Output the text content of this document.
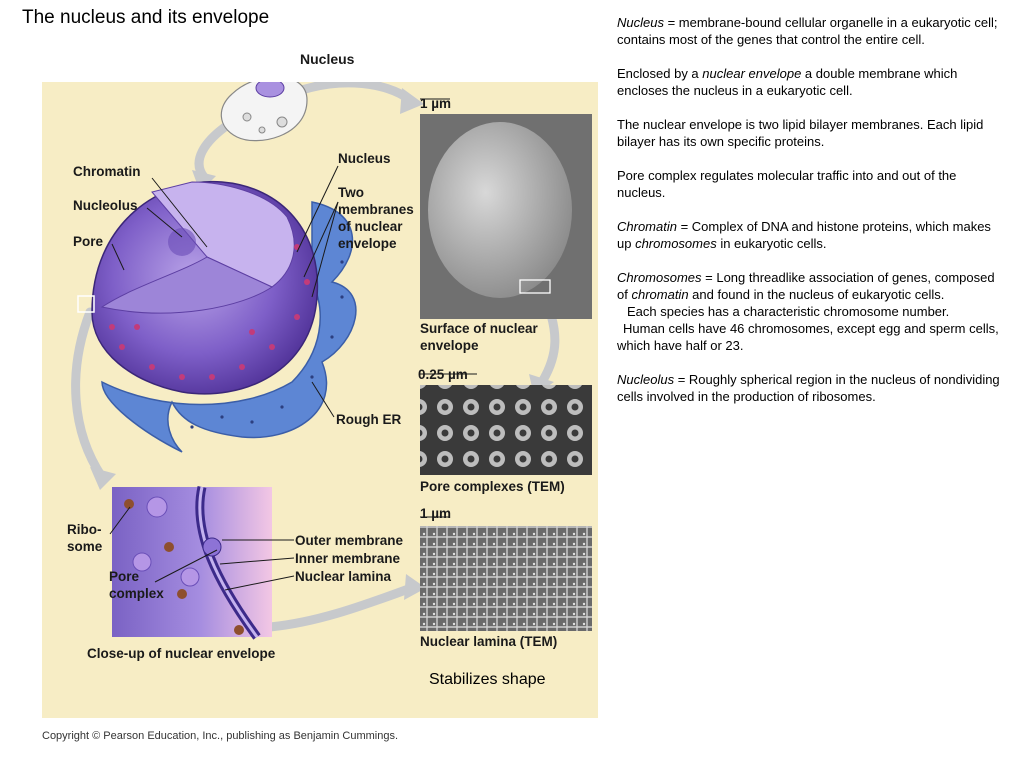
The nucleus and its envelope
Nucleus
1 µm
Chromatin
Nucleolus
Pore
Nucleus
Two
membranes
of nuclear
envelope
Surface of nuclear
envelope
0.25 µm
Rough ER
Pore complexes (TEM)
1 µm
Ribo-
some
Pore
complex
Outer membrane
Inner membrane
Nuclear lamina
Nuclear lamina (TEM)
Close-up of nuclear envelope
Stabilizes shape
Copyright © Pearson Education, Inc., publishing as Benjamin Cummings.

Nucleus = membrane-bound cellular organelle in a eukaryotic cell; contains most of the genes that control the entire cell.

Enclosed by a nuclear envelope a double membrane which encloses the nucleus in a eukaryotic cell.

The nuclear envelope is two lipid bilayer membranes. Each lipid bilayer has its own specific proteins.

Pore complex regulates molecular traffic into and out of the nucleus.

Chromatin = Complex of DNA and histone proteins, which makes up chromosomes in eukaryotic cells.

Chromosomes = Long threadlike association of genes, composed of chromatin and found in the nucleus of eukaryotic cells.

Each species has a characteristic chromosome number.

Human cells have 46 chromosomes, except egg and sperm cells, which have half or 23.

Nucleolus = Roughly spherical region in the nucleus of nondividing cells involved in the production of ribosomes.
